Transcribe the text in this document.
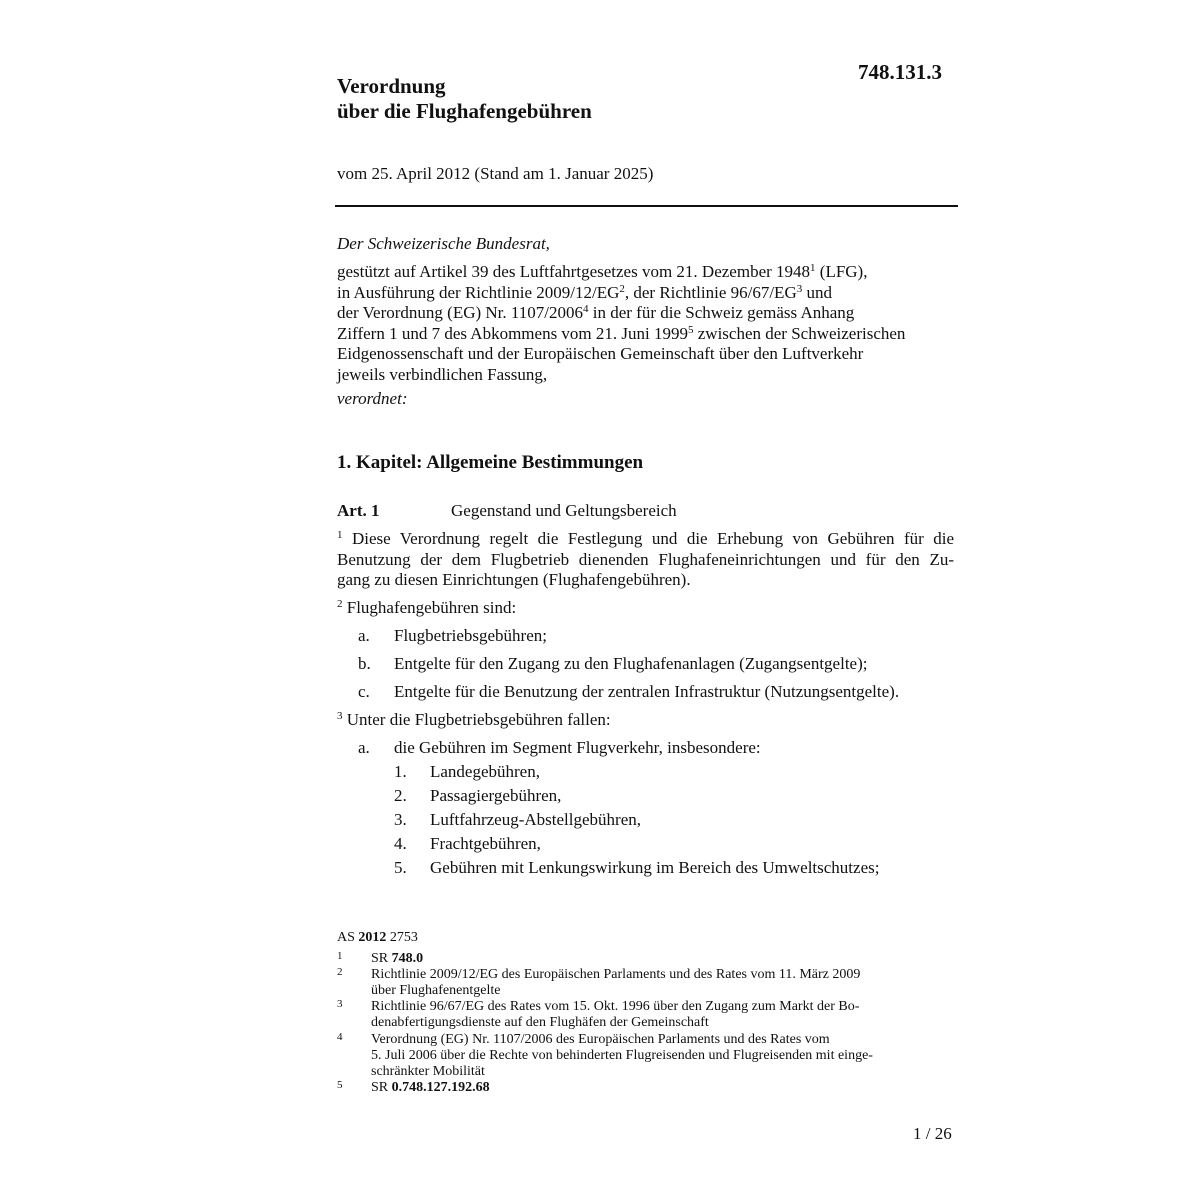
748.131.3
Verordnung
über die Flughafengebühren
vom 25. April 2012 (Stand am 1. Januar 2025)
Der Schweizerische Bundesrat,
gestützt auf Artikel 39 des Luftfahrtgesetzes vom 21. Dezember 1948$^1$ (LFG),
in Ausführung der Richtlinie $2009/12/EG^2$, der Richtlinie $96/67/EG^3$ und
der Verordnung (EG) Nr. 1107/2006$^4$ in der für die Schweiz gemäss Anhang
Ziffern 1 und 7 des Abkommens vom 21. Juni 1999$^5$ zwischen der Schweizerischen
Eidgenossenschaft und der Europäischen Gemeinschaft über den Luftverkehr
jeweils verbindlichen Fassung,
verordnet:
1. Kapitel: Allgemeine Bestimmungen
Art. 1	Gegenstand und Geltungsbereich
$^1$ Diese Verordnung regelt die Festlegung und die Erhebung von Gebühren für die
Benutzung der dem Flugbetrieb dienenden Flughafeneinrichtungen und für den Zu-
gang zu diesen Einrichtungen (Flughafengebühren).
$^2$ Flughafengebühren sind:
a. Flugbetriebsgebühren;
b. Entgelte für den Zugang zu den Flughafenanlagen (Zugangsentgelte);
c. Entgelte für die Benutzung der zentralen Infrastruktur (Nutzungsentgelte).
$^3$ Unter die Flugbetriebsgebühren fallen:
a. die Gebühren im Segment Flugverkehr, insbesondere:
1. Landegebühren,
2. Passagiergebühren,
3. Luftfahrzeug-Abstellgebühren,
4. Frachtgebühren,
5. Gebühren mit Lenkungswirkung im Bereich des Umweltschutzes;
AS 2012 2753
1 SR 748.0
2 Richtlinie 2009/12/EG des Europäischen Parlaments und des Rates vom 11. März 2009
über Flughafenentgelte
3 Richtlinie 96/67/EG des Rates vom 15. Okt. 1996 über den Zugang zum Markt der Bo-
denabfertigungsdienste auf den Flughäfen der Gemeinschaft
4 Verordnung (EG) Nr. 1107/2006 des Europäischen Parlaments und des Rates vom
5. Juli 2006 über die Rechte von behinderten Flugreisenden und Flugreisenden mit einge-
schränkter Mobilität
5 SR 0.748.127.192.68
1 / 26
